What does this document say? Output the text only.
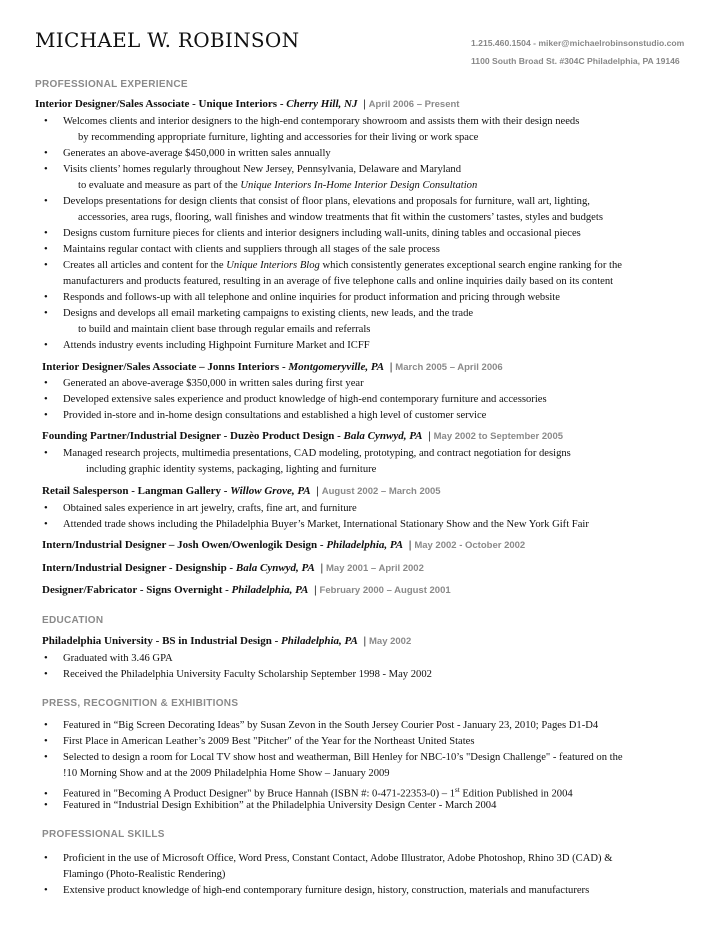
MICHAEL W. ROBINSON	1.215.460.1504 - miker@michaelrobinsonstudio.com
1100 South Broad St. #304C Philadelphia, PA 19146
PROFESSIONAL EXPERIENCE
Interior Designer/Sales Associate - Unique Interiors - Cherry Hill, NJ | April 2006 – Present
• Welcomes clients and interior designers to the high-end contemporary showroom and assists them with their design needs
by recommending appropriate furniture, lighting and accessories for their living or work space
• Generates an above-average $450,000 in written sales annually
• Visits clients’ homes regularly throughout New Jersey, Pennsylvania, Delaware and Maryland
to evaluate and measure as part of the Unique Interiors In-Home Interior Design Consultation
• Develops presentations for design clients that consist of floor plans, elevations and proposals for furniture, wall art, lighting,
accessories, area rugs, flooring, wall finishes and window treatments that fit within the customers’ tastes, styles and budgets
• Designs custom furniture pieces for clients and interior designers including wall-units, dining tables and occasional pieces
• Maintains regular contact with clients and suppliers through all stages of the sale process
• Creates all articles and content for the Unique Interiors Blog which consistently generates exceptional search engine ranking for the
manufacturers and products featured, resulting in an average of five telephone calls and online inquiries daily based on its content
• Responds and follows-up with all telephone and online inquiries for product information and pricing through website
• Designs and develops all email marketing campaigns to existing clients, new leads, and the trade
to build and maintain client base through regular emails and referrals
• Attends industry events including Highpoint Furniture Market and ICFF
Interior Designer/Sales Associate – Jonns Interiors - Montgomeryville, PA | March 2005 – April 2006
• Generated an above-average $350,000 in written sales during first year
• Developed extensive sales experience and product knowledge of high-end contemporary furniture and accessories
• Provided in-store and in-home design consultations and established a high level of customer service
Founding Partner/Industrial Designer - Duzèo Product Design - Bala Cynwyd, PA | May 2002 to September 2005
• Managed research projects, multimedia presentations, CAD modeling, prototyping, and contract negotiation for designs
including graphic identity systems, packaging, lighting and furniture
Retail Salesperson - Langman Gallery - Willow Grove, PA | August 2002 – March 2005
• Obtained sales experience in art jewelry, crafts, fine art, and furniture
• Attended trade shows including the Philadelphia Buyer’s Market, International Stationary Show and the New York Gift Fair
Intern/Industrial Designer – Josh Owen/Owenlogik Design - Philadelphia, PA | May 2002 - October 2002
Intern/Industrial Designer - Designship - Bala Cynwyd, PA | May 2001 – April 2002
Designer/Fabricator - Signs Overnight - Philadelphia, PA | February 2000 – August 2001
EDUCATION
Philadelphia University - BS in Industrial Design - Philadelphia, PA | May 2002
• Graduated with 3.46 GPA
• Received the Philadelphia University Faculty Scholarship September 1998 - May 2002
PRESS, RECOGNITION & EXHIBITIONS
• Featured in “Big Screen Decorating Ideas” by Susan Zevon in the South Jersey Courier Post - January 23, 2010; Pages D1-D4
• First Place in American Leather’s 2009 Best "Pitcher" of the Year for the Northeast United States
• Selected to design a room for Local TV show host and weatherman, Bill Henley for NBC-10’s "Design Challenge" - featured on the
!10 Morning Show and at the 2009 Philadelphia Home Show – January 2009
• Featured in "Becoming A Product Designer" by Bruce Hannah (ISBN #: 0-471-22353-0) – 1st Edition Published in 2004
• Featured in “Industrial Design Exhibition” at the Philadelphia University Design Center - March 2004
PROFESSIONAL SKILLS
• Proficient in the use of Microsoft Office, Word Press, Constant Contact, Adobe Illustrator, Adobe Photoshop, Rhino 3D (CAD) &
Flamingo (Photo-Realistic Rendering)
• Extensive product knowledge of high-end contemporary furniture design, history, construction, materials and manufacturers
